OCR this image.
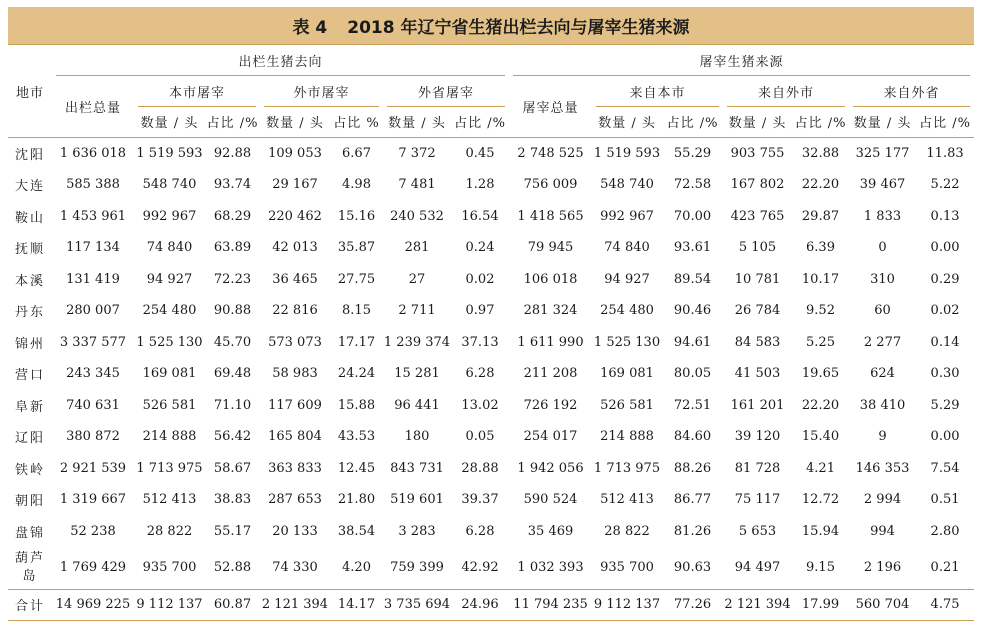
表 4 2018 年辽宁省生猪出栏去向与屠宰生猪来源
地市	出栏生猪去向							屠宰生猪来源						
	出栏总量	本市屠宰		外市屠宰		外省屠宰		屠宰总量	来自本市		来自外市		来自外省	
		数量 / 头	占比 /%	数量 / 头	占比 %	数量 / 头	占比 /%		数量 / 头	占比 /%	数量 / 头	占比 /%	数量 / 头	占比 /%
沈阳	1 636 018	1 519 593	92.88	109 053	6.67	7 372	0.45	2 748 525	1 519 593	55.29	903 755	32.88	325 177	11.83
大连	585 388	548 740	93.74	29 167	4.98	7 481	1.28	756 009	548 740	72.58	167 802	22.20	39 467	5.22
鞍山	1 453 961	992 967	68.29	220 462	15.16	240 532	16.54	1 418 565	992 967	70.00	423 765	29.87	1 833	0.13
抚顺	117 134	74 840	63.89	42 013	35.87	281	0.24	79 945	74 840	93.61	5 105	6.39	0	0.00
本溪	131 419	94 927	72.23	36 465	27.75	27	0.02	106 018	94 927	89.54	10 781	10.17	310	0.29
丹东	280 007	254 480	90.88	22 816	8.15	2 711	0.97	281 324	254 480	90.46	26 784	9.52	60	0.02
锦州	3 337 577	1 525 130	45.70	573 073	17.17	1 239 374	37.13	1 611 990	1 525 130	94.61	84 583	5.25	2 277	0.14
营口	243 345	169 081	69.48	58 983	24.24	15 281	6.28	211 208	169 081	80.05	41 503	19.65	624	0.30
阜新	740 631	526 581	71.10	117 609	15.88	96 441	13.02	726 192	526 581	72.51	161 201	22.20	38 410	5.29
辽阳	380 872	214 888	56.42	165 804	43.53	180	0.05	254 017	214 888	84.60	39 120	15.40	9	0.00
铁岭	2 921 539	1 713 975	58.67	363 833	12.45	843 731	28.88	1 942 056	1 713 975	88.26	81 728	4.21	146 353	7.54
朝阳	1 319 667	512 413	38.83	287 653	21.80	519 601	39.37	590 524	512 413	86.77	75 117	12.72	2 994	0.51
盘锦	52 238	28 822	55.17	20 133	38.54	3 283	6.28	35 469	28 822	81.26	5 653	15.94	994	2.80
葫芦岛	1 769 429	935 700	52.88	74 330	4.20	759 399	42.92	1 032 393	935 700	90.63	94 497	9.15	2 196	0.21
合计	14 969 225	9 112 137	60.87	2 121 394	14.17	3 735 694	24.96	11 794 235	9 112 137	77.26	2 121 394	17.99	560 704	4.75
